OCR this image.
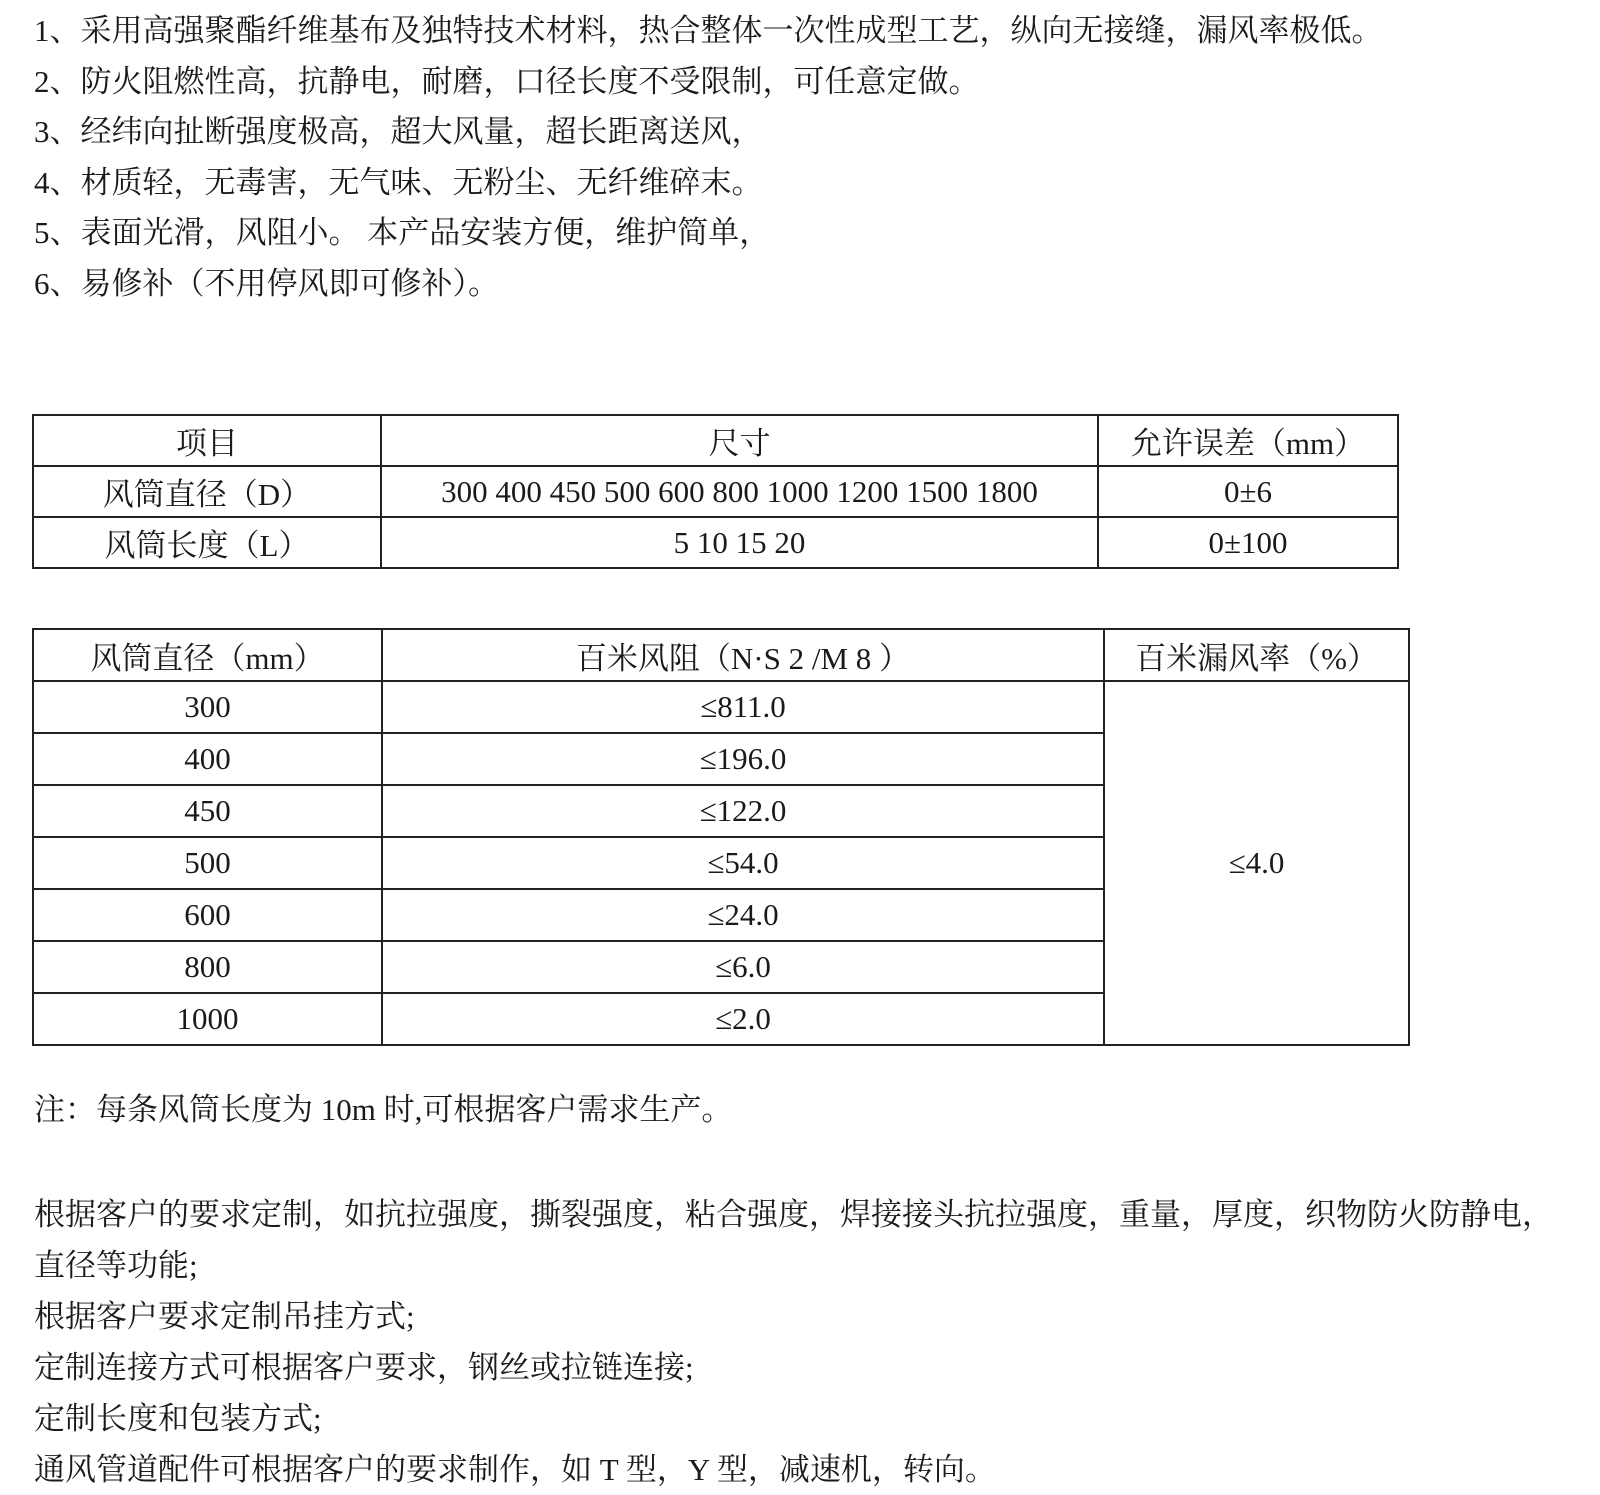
1、采用高强聚酯纤维基布及独特技术材料，热合整体一次性成型工艺，纵向无接缝，漏风率极低。
2、防火阻燃性高，抗静电，耐磨，口径长度不受限制，可任意定做。
3、经纬向扯断强度极高，超大风量，超长距离送风，
4、材质轻，无毒害，无气味、无粉尘、无纤维碎末。
5、表面光滑，风阻小。 本产品安装方便，维护简单，
6、易修补（不用停风即可修补）。
项目	尺寸	允许误差（mm）
风筒直径（D）	300 400 450 500 600 800 1000 1200 1500 1800	0±6
风筒长度（L）	5 10 15 20	0±100
风筒直径（mm）	百米风阻（N·S 2 /M 8 ）	百米漏风率（%）
300	≤811.0	≤4.0
400	≤196.0	
450	≤122.0	
500	≤54.0	
600	≤24.0	
800	≤6.0	
1000	≤2.0	

注：每条风筒长度为 10m 时,可根据客户需求生产。

根据客户的要求定制，如抗拉强度，撕裂强度，粘合强度，焊接接头抗拉强度，重量，厚度，织物防火防静电，直径等功能;

根据客户要求定制吊挂方式;

定制连接方式可根据客户要求，钢丝或拉链连接;

定制长度和包装方式;

通风管道配件可根据客户的要求制作，如 T 型，Y 型，减速机，转向。
